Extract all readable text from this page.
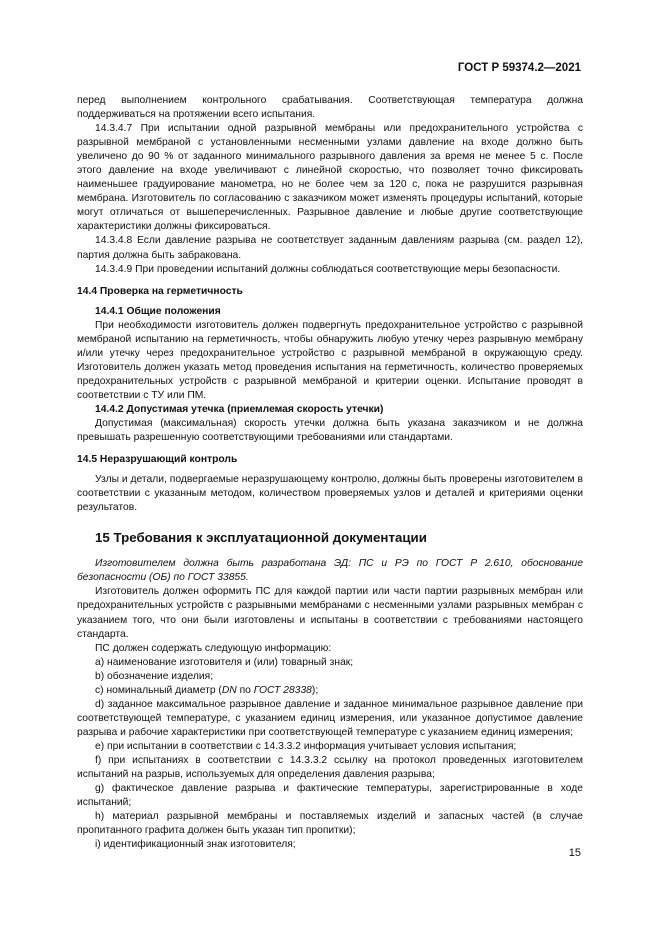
ГОСТ Р 59374.2—2021

перед выполнением контрольного срабатывания. Соответствующая температура должна поддерживаться на протяжении всего испытания.

14.3.4.7 При испытании одной разрывной мембраны или предохранительного устройства с разрывной мембраной с установленными несменными узлами давление на входе должно быть увеличено до 90 % от заданного минимального разрывного давления за время не менее 5 с. После этого давление на входе увеличивают с линейной скоростью, что позволяет точно фиксировать наименьшее градуирование манометра, но не более чем за 120 с, пока не разрушится разрывная мембрана. Изготовитель по согласованию с заказчиком может изменять процедуры испытаний, которые могут отличаться от вышеперечисленных. Разрывное давление и любые другие соответствующие характеристики должны фиксироваться.

14.3.4.8 Если давление разрыва не соответствует заданным давлениям разрыва (см. раздел 12), партия должна быть забракована.

14.3.4.9 При проведении испытаний должны соблюдаться соответствующие меры безопасности.

14.4 Проверка на герметичность

14.4.1 Общие положения

При необходимости изготовитель должен подвергнуть предохранительное устройство с разрывной мембраной испытанию на герметичность, чтобы обнаружить любую утечку через разрывную мембрану и/или утечку через предохранительное устройство с разрывной мембраной в окружающую среду. Изготовитель должен указать метод проведения испытания на герметичность, количество проверяемых предохранительных устройств с разрывной мембраной и критерии оценки. Испытание проводят в соответствии с ТУ или ПМ.

14.4.2 Допустимая утечка (приемлемая скорость утечки)

Допустимая (максимальная) скорость утечки должна быть указана заказчиком и не должна превышать разрешенную соответствующими требованиями или стандартами.

14.5 Неразрушающий контроль

Узлы и детали, подвергаемые неразрушающему контролю, должны быть проверены изготовителем в соответствии с указанным методом, количеством проверяемых узлов и деталей и критериями оценки результатов.

15 Требования к эксплуатационной документации

Изготовителем должна быть разработана ЭД: ПС и РЭ по ГОСТ Р 2.610, обоснование безопасности (ОБ) по ГОСТ 33855.

Изготовитель должен оформить ПС для каждой партии или части партии разрывных мембран или предохранительных устройств с разрывными мембранами с несменными узлами разрывных мембран с указанием того, что они были изготовлены и испытаны в соответствии с требованиями настоящего стандарта.

ПС должен содержать следующую информацию:

а) наименование изготовителя и (или) товарный знак;

b) обозначение изделия;

с) номинальный диаметр (DN по ГОСТ 28338);

d) заданное максимальное разрывное давление и заданное минимальное разрывное давление при соответствующей температуре, с указанием единиц измерения, или указанное допустимое давление разрыва и рабочие характеристики при соответствующей температуре с указанием единиц измерения;

е) при испытании в соответствии с 14.3.3.2 информация учитывает условия испытания;

f) при испытаниях в соответствии с 14.3.3.2 ссылку на протокол проведенных изготовителем испытаний на разрыв, используемых для определения давления разрыва;

g) фактическое давление разрыва и фактические температуры, зарегистрированные в ходе испытаний;

h) материал разрывной мембраны и поставляемых изделий и запасных частей (в случае пропитанного графита должен быть указан тип пропитки);

i) идентификационный знак изготовителя;

15
